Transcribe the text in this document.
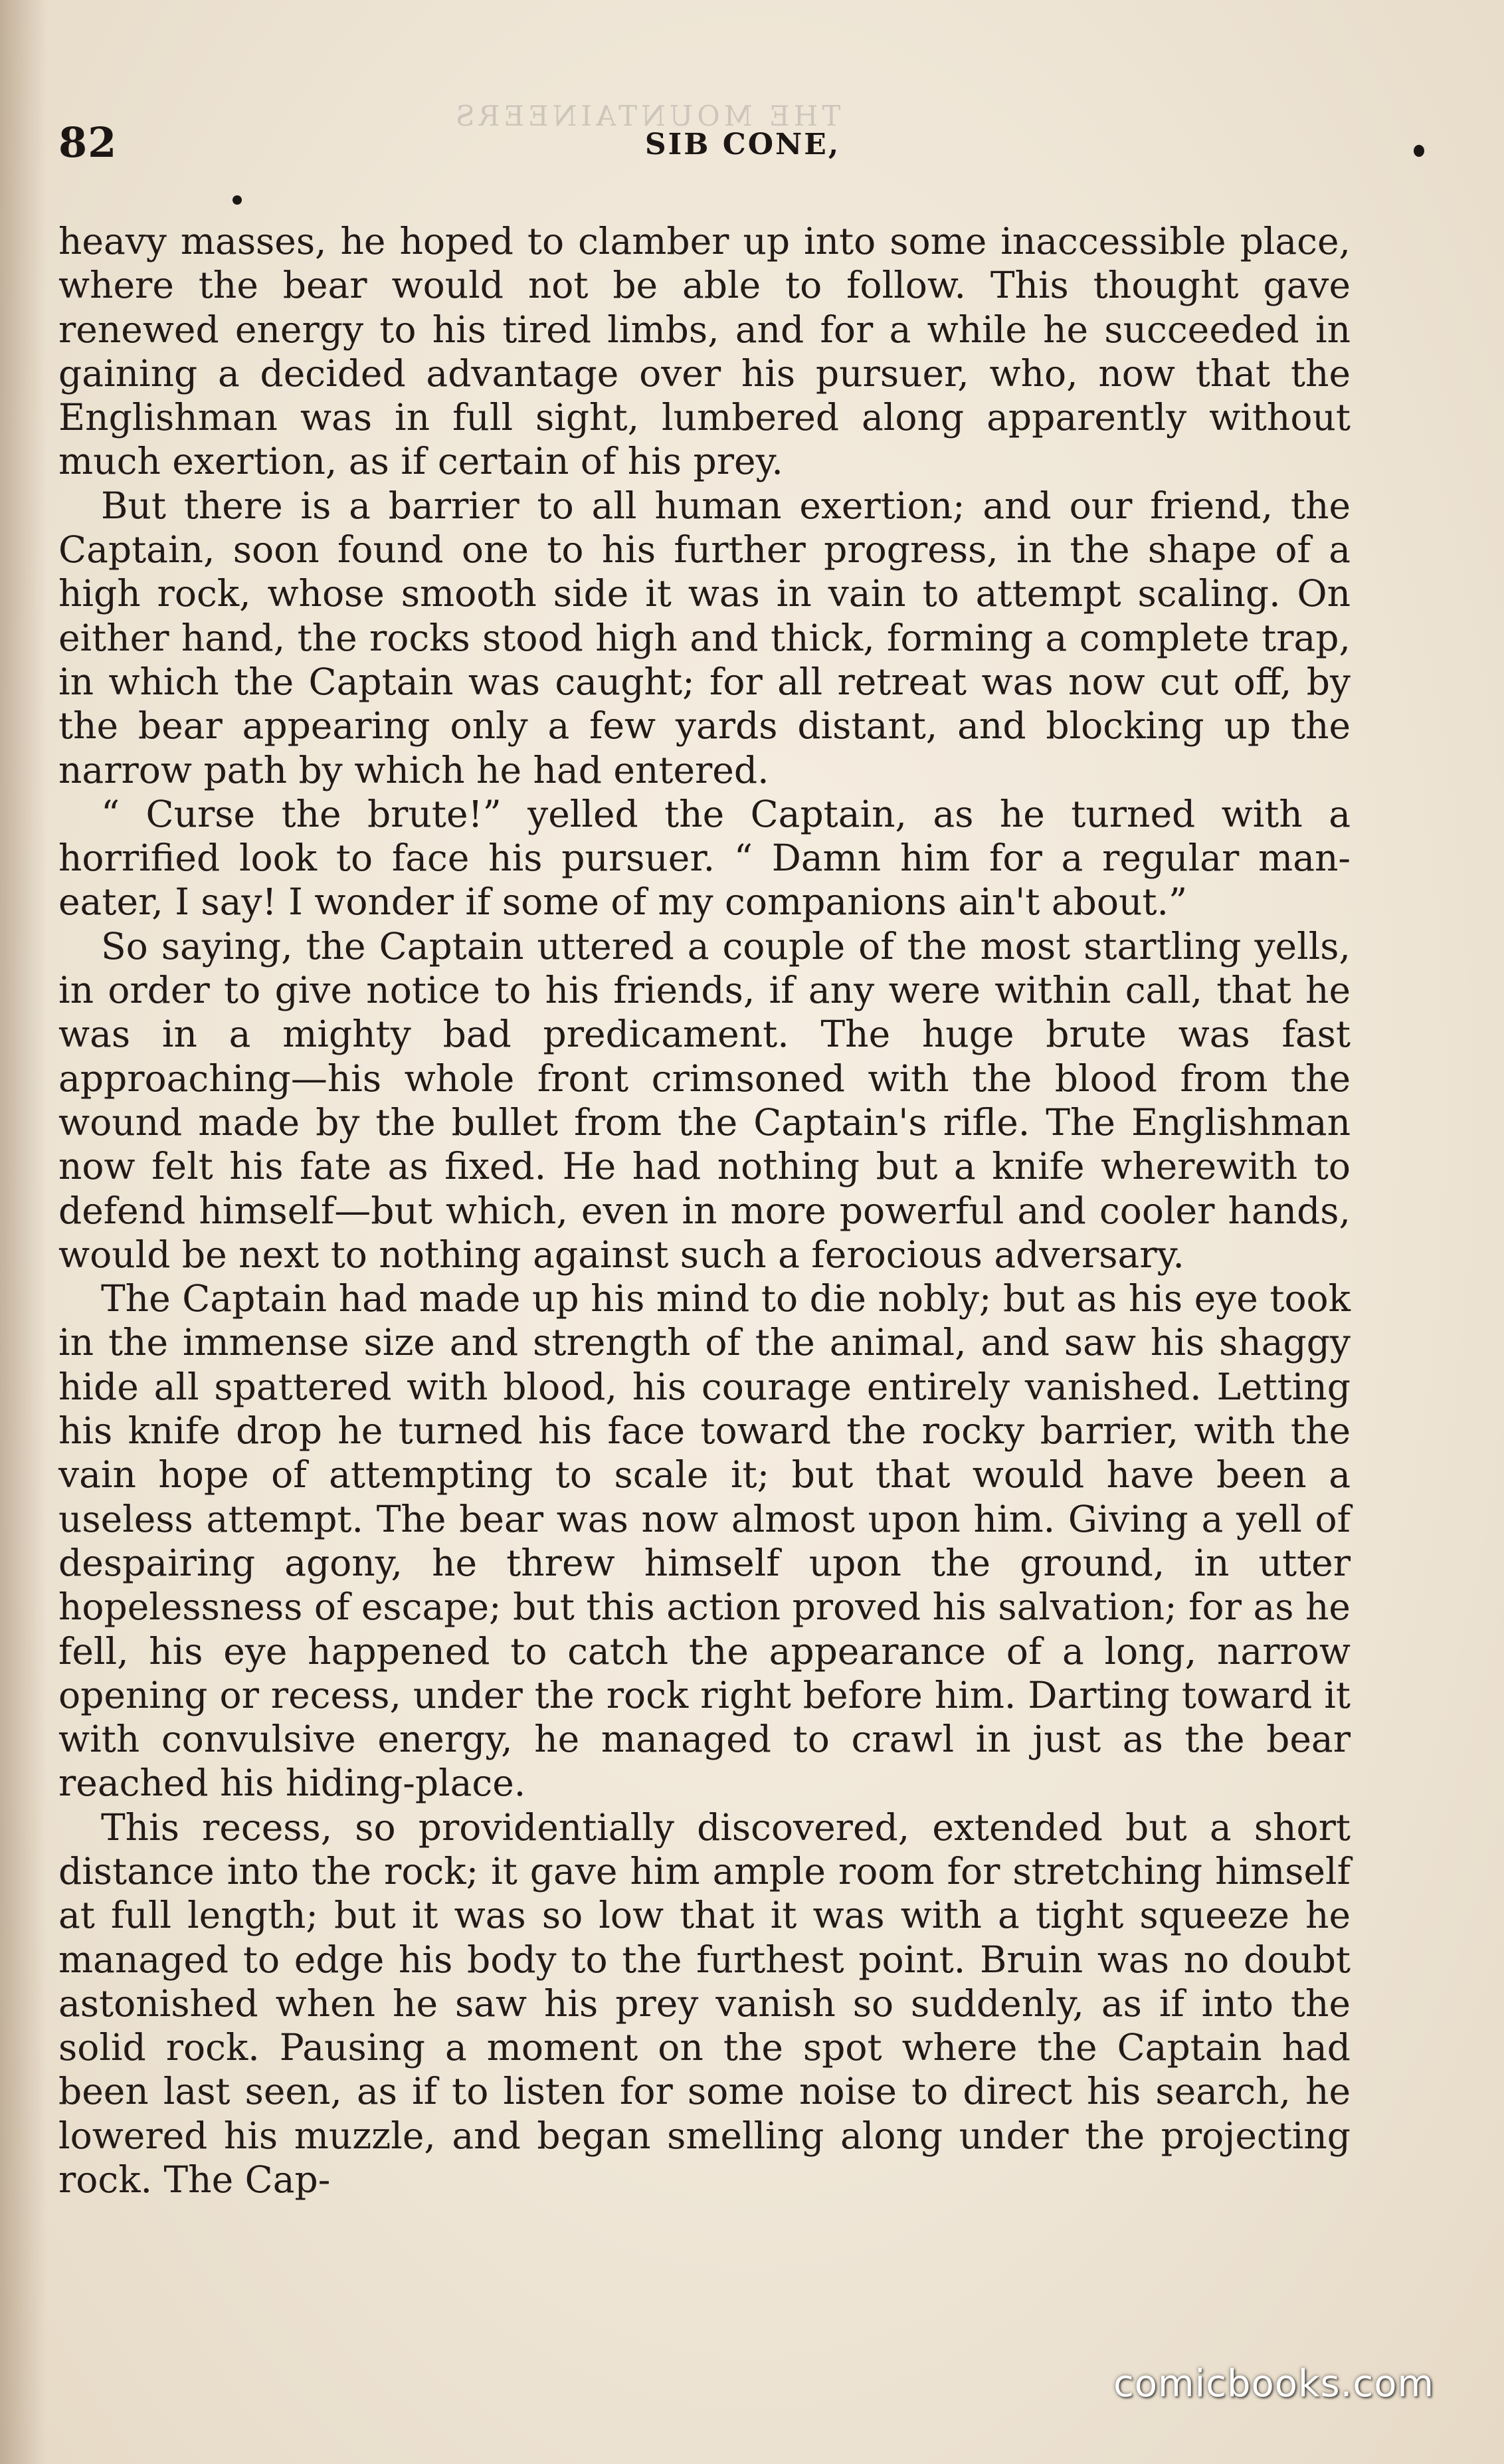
THE MOUNTAINEERS
82	SIB CONE,

heavy masses, he hoped to clamber up into some inaccessible place, where the bear would not be able to follow. This thought gave renewed energy to his tired limbs, and for a while he succeeded in gaining a decided advantage over his pursuer, who, now that the Englishman was in full sight, lumbered along apparently without much exertion, as if certain of his prey.

But there is a barrier to all human exertion; and our friend, the Captain, soon found one to his further progress, in the shape of a high rock, whose smooth side it was in vain to attempt scaling. On either hand, the rocks stood high and thick, forming a complete trap, in which the Captain was caught; for all retreat was now cut off, by the bear appearing only a few yards distant, and blocking up the narrow path by which he had entered.

“ Curse the brute!” yelled the Captain, as he turned with a horrified look to face his pursuer. “ Damn him for a regular man-eater, I say! I wonder if some of my companions ain't about.”

So saying, the Captain uttered a couple of the most startling yells, in order to give notice to his friends, if any were within call, that he was in a mighty bad predicament. The huge brute was fast approaching—his whole front crimsoned with the blood from the wound made by the bullet from the Captain's rifle. The Englishman now felt his fate as fixed. He had nothing but a knife wherewith to defend himself—but which, even in more powerful and cooler hands, would be next to nothing against such a ferocious adversary.

The Captain had made up his mind to die nobly; but as his eye took in the immense size and strength of the animal, and saw his shaggy hide all spattered with blood, his courage entirely vanished. Letting his knife drop he turned his face toward the rocky barrier, with the vain hope of attempting to scale it; but that would have been a useless attempt. The bear was now almost upon him. Giving a yell of despairing agony, he threw himself upon the ground, in utter hopelessness of escape; but this action proved his salvation; for as he fell, his eye happened to catch the appearance of a long, narrow opening or recess, under the rock right before him. Darting toward it with convulsive energy, he managed to crawl in just as the bear reached his hiding-place.

This recess, so providentially discovered, extended but a short distance into the rock; it gave him ample room for stretching himself at full length; but it was so low that it was with a tight squeeze he managed to edge his body to the furthest point. Bruin was no doubt astonished when he saw his prey vanish so suddenly, as if into the solid rock. Pausing a moment on the spot where the Captain had been last seen, as if to listen for some noise to direct his search, he lowered his muzzle, and began smelling along under the projecting rock. The Cap-

comicbooks.com
